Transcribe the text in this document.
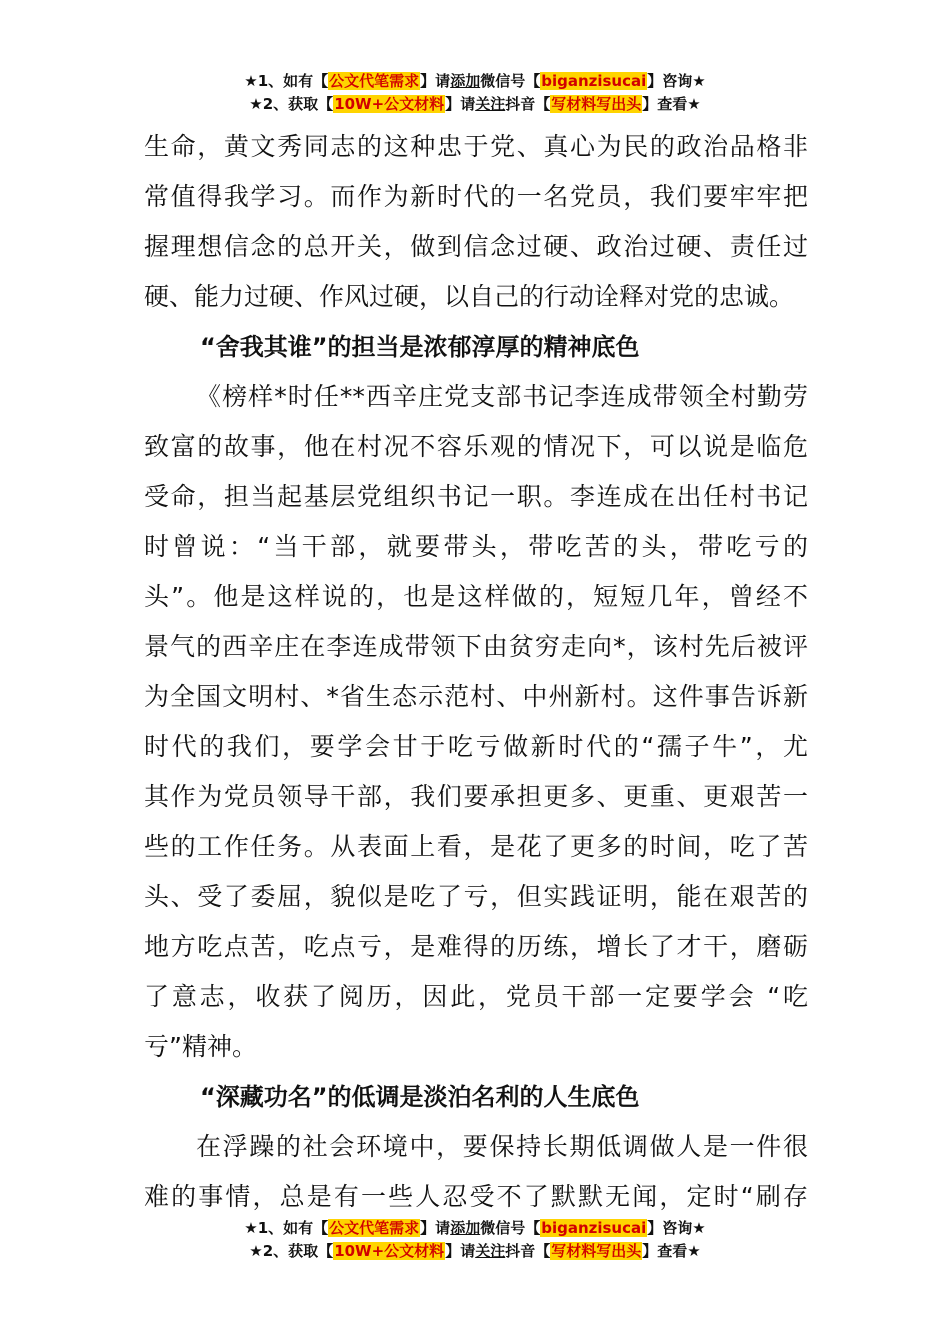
★1、如有【公文代笔需求】请添加微信号【biganzisucai】咨询★
★2、获取【10W+公文材料】请关注抖音【写材料写出头】查看★
生命，黄文秀同志的这种忠于党、真心为民的政治品格非
常值得我学习。而作为新时代的一名党员，我们要牢牢把
握理想信念的总开关，做到信念过硬、政治过硬、责任过
硬、能力过硬、作风过硬，以自己的行动诠释对党的忠诚。
“舍我其谁”的担当是浓郁淳厚的精神底色
《榜样*时任**西辛庄党支部书记李连成带领全村勤劳
致富的故事，他在村况不容乐观的情况下，可以说是临危
受命，担当起基层党组织书记一职。李连成在出任村书记
时曾说：“当干部，就要带头，带吃苦的头，带吃亏的
头”。他是这样说的，也是这样做的，短短几年，曾经不
景气的西辛庄在李连成带领下由贫穷走向*，该村先后被评
为全国文明村、*省生态示范村、中州新村。这件事告诉新
时代的我们，要学会甘于吃亏做新时代的“孺子牛”，尤
其作为党员领导干部，我们要承担更多、更重、更艰苦一
些的工作任务。从表面上看，是花了更多的时间，吃了苦
头、受了委屈，貌似是吃了亏，但实践证明，能在艰苦的
地方吃点苦，吃点亏，是难得的历练，增长了才干，磨砺
了意志，收获了阅历，因此，党员干部一定要学会 “吃
亏”精神。
“深藏功名”的低调是淡泊名利的人生底色
在浮躁的社会环境中，要保持长期低调做人是一件很
难的事情，总是有一些人忍受不了默默无闻，定时“刷存
★1、如有【公文代笔需求】请添加微信号【biganzisucai】咨询★
★2、获取【10W+公文材料】请关注抖音【写材料写出头】查看★
